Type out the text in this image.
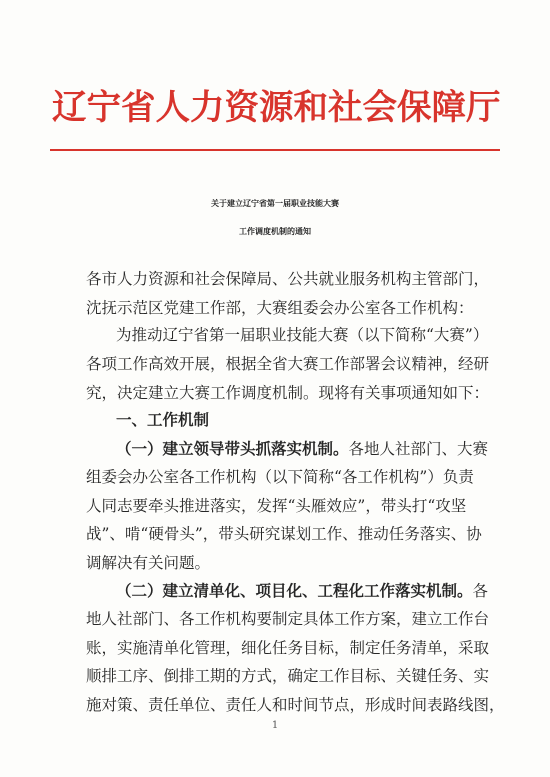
辽宁省人力资源和社会保障厅
关于建立辽宁省第一届职业技能大赛
工作调度机制的通知
各市人力资源和社会保障局、公共就业服务机构主管部门，
沈抚示范区党建工作部，大赛组委会办公室各工作机构：
为推动辽宁省第一届职业技能大赛（以下简称“大赛”）
各项工作高效开展，根据全省大赛工作部署会议精神，经研
究，决定建立大赛工作调度机制。现将有关事项通知如下：
一、工作机制
（一）建立领导带头抓落实机制。各地人社部门、大赛
组委会办公室各工作机构（以下简称“各工作机构”）负责
人同志要牵头推进落实，发挥“头雁效应”，带头打“攻坚
战”、啃“硬骨头”，带头研究谋划工作、推动任务落实、协
调解决有关问题。
（二）建立清单化、项目化、工程化工作落实机制。各
地人社部门、各工作机构要制定具体工作方案，建立工作台
账，实施清单化管理，细化任务目标，制定任务清单，采取
顺排工序、倒排工期的方式，确定工作目标、关键任务、实
施对策、责任单位、责任人和时间节点，形成时间表路线图，
1
